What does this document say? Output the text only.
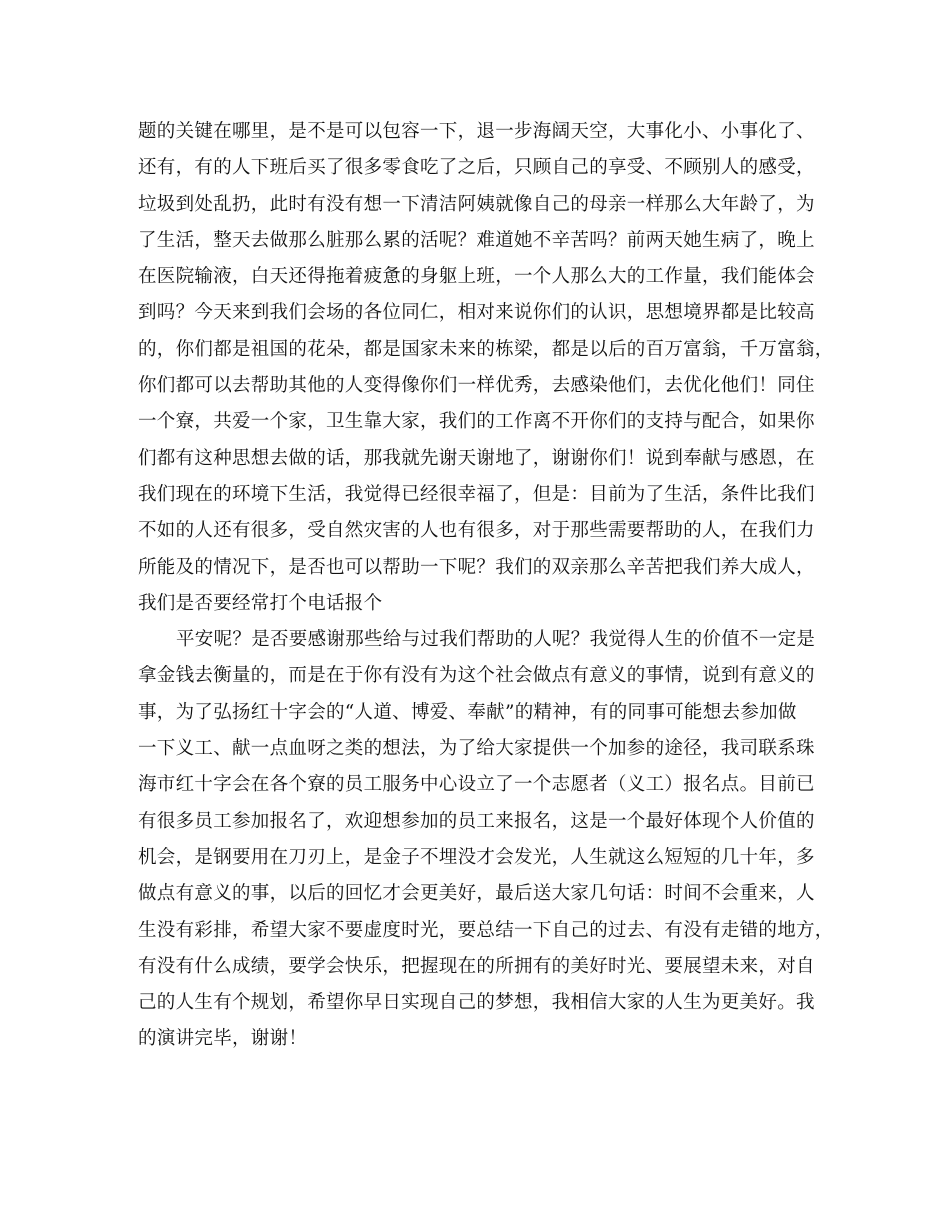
题的关键在哪里，是不是可以包容一下，退一步海阔天空，大事化小、小事化了、
还有，有的人下班后买了很多零食吃了之后，只顾自己的享受、不顾别人的感受，
垃圾到处乱扔，此时有没有想一下清洁阿姨就像自己的母亲一样那么大年龄了，为
了生活，整天去做那么脏那么累的活呢？难道她不辛苦吗？前两天她生病了，晚上
在医院输液，白天还得拖着疲惫的身躯上班，一个人那么大的工作量，我们能体会
到吗？今天来到我们会场的各位同仁，相对来说你们的认识，思想境界都是比较高
的，你们都是祖国的花朵，都是国家未来的栋梁，都是以后的百万富翁，千万富翁，
你们都可以去帮助其他的人变得像你们一样优秀，去感染他们，去优化他们！同住
一个寮，共爱一个家，卫生靠大家，我们的工作离不开你们的支持与配合，如果你
们都有这种思想去做的话，那我就先谢天谢地了，谢谢你们！说到奉献与感恩，在
我们现在的环境下生活，我觉得已经很幸福了，但是：目前为了生活，条件比我们
不如的人还有很多，受自然灾害的人也有很多，对于那些需要帮助的人，在我们力
所能及的情况下，是否也可以帮助一下呢？我们的双亲那么辛苦把我们养大成人，
我们是否要经常打个电话报个
平安呢？是否要感谢那些给与过我们帮助的人呢？我觉得人生的价值不一定是
拿金钱去衡量的，而是在于你有没有为这个社会做点有意义的事情，说到有意义的
事，为了弘扬红十字会的“人道、博爱、奉献”的精神，有的同事可能想去参加做
一下义工、献一点血呀之类的想法，为了给大家提供一个加参的途径，我司联系珠
海市红十字会在各个寮的员工服务中心设立了一个志愿者（义工）报名点。目前已
有很多员工参加报名了，欢迎想参加的员工来报名，这是一个最好体现个人价值的
机会，是钢要用在刀刃上，是金子不埋没才会发光，人生就这么短短的几十年，多
做点有意义的事，以后的回忆才会更美好，最后送大家几句话：时间不会重来，人
生没有彩排，希望大家不要虚度时光，要总结一下自己的过去、有没有走错的地方，
有没有什么成绩，要学会快乐，把握现在的所拥有的美好时光、要展望未来，对自
己的人生有个规划，希望你早日实现自己的梦想，我相信大家的人生为更美好。我
的演讲完毕，谢谢！
